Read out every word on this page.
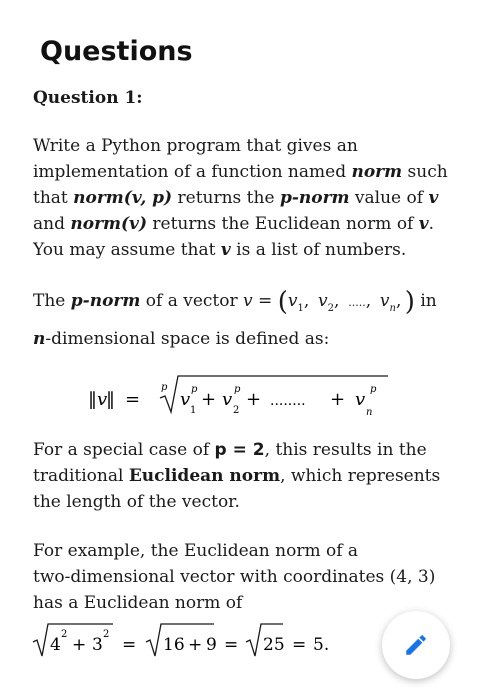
Questions
Question 1:
Write a Python program that gives an
implementation of a function named norm such
that norm(v, p) returns the p-norm value of v
and norm(v) returns the Euclidean norm of v.
You may assume that v is a list of numbers.
The p-norm of a vector $v = (v_1$,  $v_2$,  .....,  $v_n$, ) in
n-dimensional space is defined as:
‖ v
‖ =
p
v p
1
+ v p
2
+ ........ + v p
n
For a special case of p = 2, this results in the
traditional Euclidean norm, which represents
the length of the vector.
For example, the Euclidean norm of a
two-dimensional vector with coordinates (4, 3)
has a Euclidean norm of
4
2
+ 3
2
= 16 + 9 = 25 = 5.
